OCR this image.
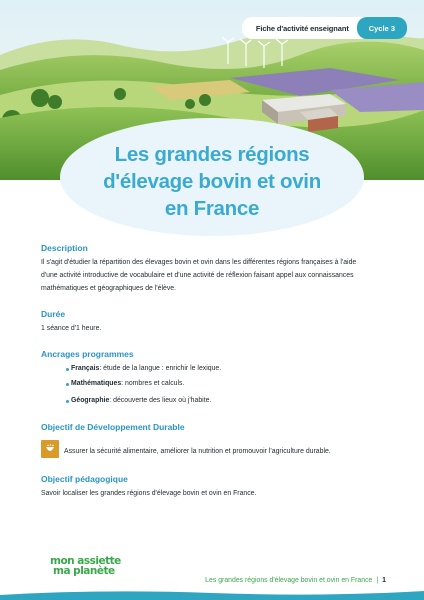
Fiche d'activité enseignant	Cycle 3
Les grandes régions
d'élevage bovin et ovin
en France
Description
Il s'agit d'étudier la répartition des élevages bovin et ovin dans les différentes régions françaises à l'aide
d'une activité introductive de vocabulaire et d'une activité de réflexion faisant appel aux connaissances
mathématiques et géographiques de l'élève.
Durée
1 séance d'1 heure.
Ancrages programmes
Français : étude de la langue : enrichir le lexique.
Mathématiques : nombres et calculs.
Géographie : découverte des lieux où j'habite.
Objectif de Développement Durable
Assurer la sécurité alimentaire, améliorer la nutrition et promouvoir l'agriculture durable.
Objectif pédagogique
Savoir localiser les grandes régions d'élevage bovin et ovin en France.
mon assiette
ma planète
Les grandes régions d'élevage bovin et ovin en France | 1
